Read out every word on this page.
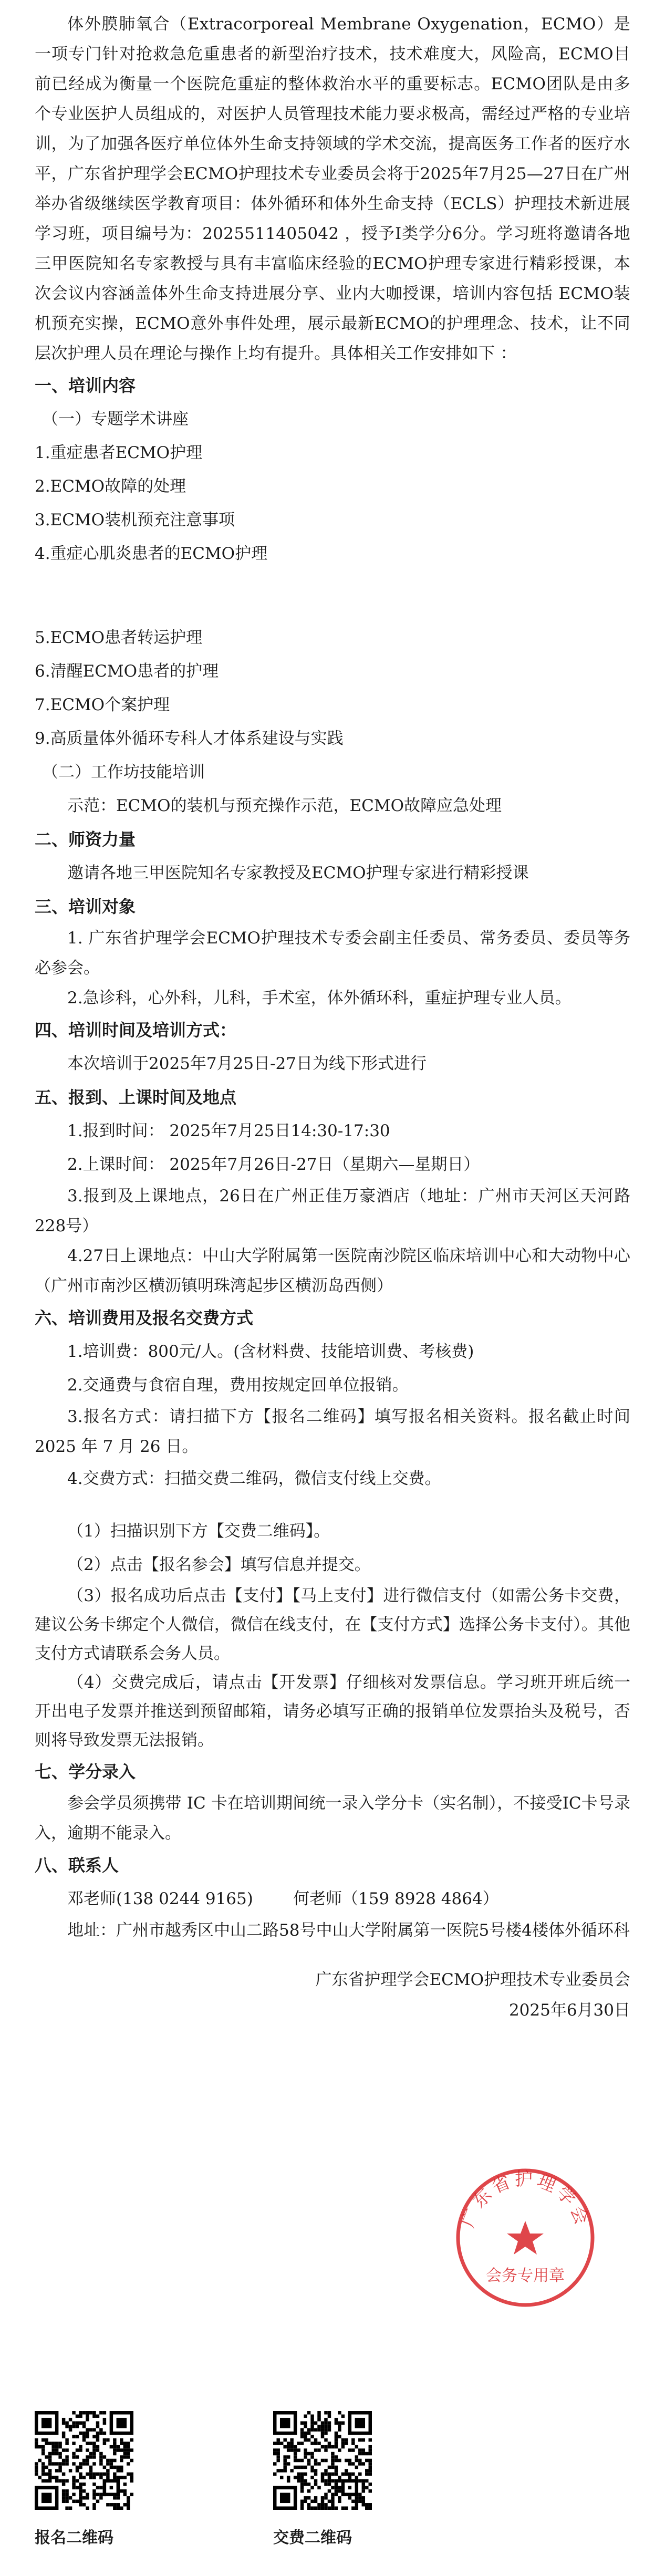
体外膜肺氧合（Extracorporeal Membrane Oxygenation，ECMO）是一项专门针对抢救急危重患者的新型治疗技术，技术难度大，风险高，ECMO目前已经成为衡量一个医院危重症的整体救治水平的重要标志。ECMO团队是由多个专业医护人员组成的，对医护人员管理技术能力要求极高，需经过严格的专业培训，为了加强各医疗单位体外生命支持领域的学术交流，提高医务工作者的医疗水平，广东省护理学会ECMO护理技术专业委员会将于2025年7月25—27日在广州举办省级继续医学教育项目：体外循环和体外生命支持（ECLS）护理技术新进展学习班，项目编号为：2025511405042 ，授予Ⅰ类学分6分。学习班将邀请各地三甲医院知名专家教授与具有丰富临床经验的ECMO护理专家进行精彩授课，本次会议内容涵盖体外生命支持进展分享、业内大咖授课，培训内容包括 ECMO装机预充实操，ECMO意外事件处理，展示最新ECMO的护理理念、技术，让不同层次护理人员在理论与操作上均有提升。具体相关工作安排如下 ：

一、培训内容

（一）专题学术讲座

1.重症患者ECMO护理

2.ECMO故障的处理

3.ECMO装机预充注意事项

4.重症心肌炎患者的ECMO护理

5.ECMO患者转运护理

6.清醒ECMO患者的护理

7.ECMO个案护理

9.高质量体外循环专科人才体系建设与实践

（二）工作坊技能培训

示范：ECMO的装机与预充操作示范，ECMO故障应急处理

二、师资力量

邀请各地三甲医院知名专家教授及ECMO护理专家进行精彩授课

三、培训对象

1. 广东省护理学会ECMO护理技术专委会副主任委员、常务委员、委员等务必参会。

2.急诊科，心外科，儿科，手术室，体外循环科，重症护理专业人员。

四、培训时间及培训方式：

本次培训于2025年7月25日-27日为线下形式进行

五、报到、上课时间及地点

1.报到时间： 2025年7月25日14:30-17:30

2.上课时间： 2025年7月26日-27日（星期六—星期日）

3.报到及上课地点，26日在广州正佳万豪酒店（地址：广州市天河区天河路228号）

4.27日上课地点：中山大学附属第一医院南沙院区临床培训中心和大动物中心（广州市南沙区横沥镇明珠湾起步区横沥岛西侧）

六、培训费用及报名交费方式

1.培训费：800元/人。(含材料费、技能培训费、考核费)

2.交通费与食宿自理，费用按规定回单位报销。

3.报名方式：请扫描下方【报名二维码】填写报名相关资料。报名截止时间 2025 年 7 月 26 日。

4.交费方式：扫描交费二维码，微信支付线上交费。

（1）扫描识别下方【交费二维码】。

（2）点击【报名参会】填写信息并提交。

（3）报名成功后点击【支付】【马上支付】进行微信支付（如需公务卡交费，建议公务卡绑定个人微信，微信在线支付，在【支付方式】选择公务卡支付）。其他支付方式请联系会务人员。

（4）交费完成后，请点击【开发票】仔细核对发票信息。学习班开班后统一开出电子发票并推送到预留邮箱，请务必填写正确的报销单位发票抬头及税号，否则将导致发票无法报销。

七、学分录入

参会学员须携带 IC 卡在培训期间统一录入学分卡（实名制），不接受IC卡号录入，逾期不能录入。

八、联系人

邓老师(138 0244 9165)	何老师（159 8928 4864）

地址：广州市越秀区中山二路58号中山大学附属第一医院5号楼4楼体外循环科

广东省护理学会ECMO护理技术专业委员会

2025年6月30日

广东省护理学会
会务专用章
报名二维码	交费二维码
